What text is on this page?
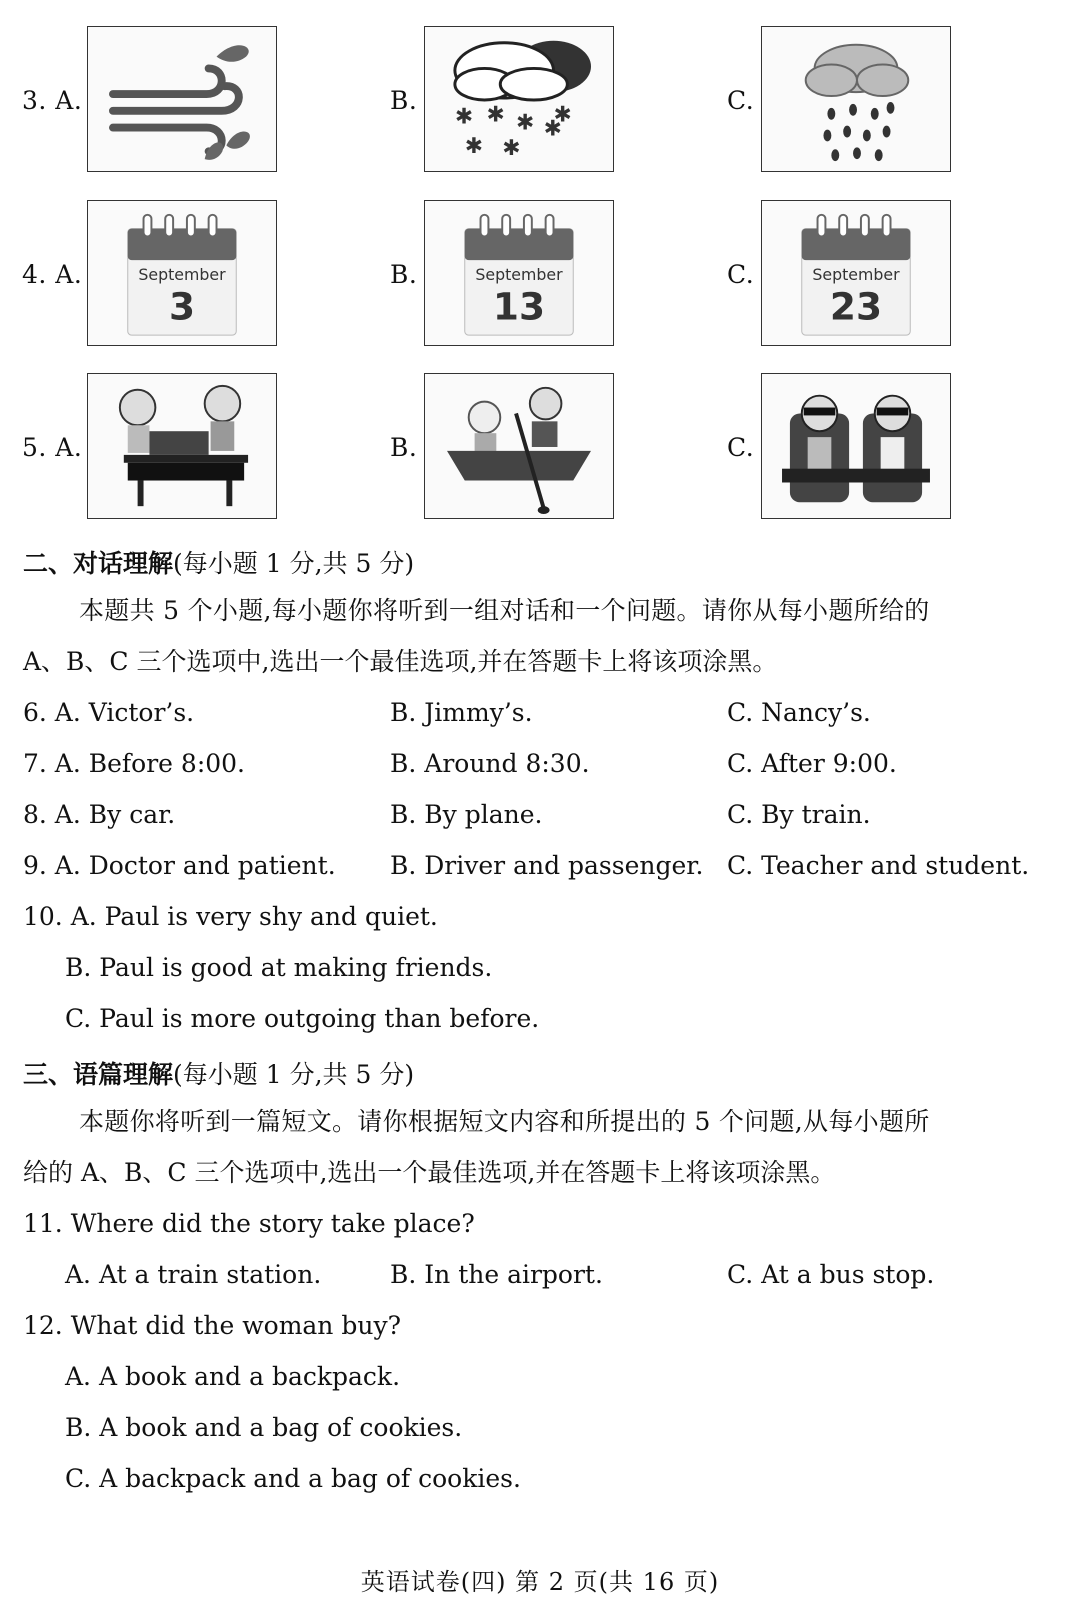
3. A.	B.
✱ ✱ ✱ ✱
✱ ✱
✱
C.
4. A.	B.	C.
September
3
September
13
September
23
5. A.	B.	C.
二、对话理解(每小题 1 分,共 5 分)
本题共 5 个小题,每小题你将听到一组对话和一个问题。请你从每小题所给的
A、B、C 三个选项中,选出一个最佳选项,并在答题卡上将该项涂黑。
6. A. Victor’s.	B. Jimmy’s.	C. Nancy’s.
7. A. Before 8:00.	B. Around 8:30.	C. After 9:00.
8. A. By car.	B. By plane.	C. By train.
9. A. Doctor and patient. B. Driver and passenger. C. Teacher and student.
10. A. Paul is very shy and quiet.
B. Paul is good at making friends.
C. Paul is more outgoing than before.
三、语篇理解(每小题 1 分,共 5 分)
本题你将听到一篇短文。请你根据短文内容和所提出的 5 个问题,从每小题所
给的 A、B、C 三个选项中,选出一个最佳选项,并在答题卡上将该项涂黑。
11. Where did the story take place?
A. At a train station.	B. In the airport.	C. At a bus stop.
12. What did the woman buy?
A. A book and a backpack.
B. A book and a bag of cookies.
C. A backpack and a bag of cookies.
英语试卷(四) 第 2 页(共 16 页)
